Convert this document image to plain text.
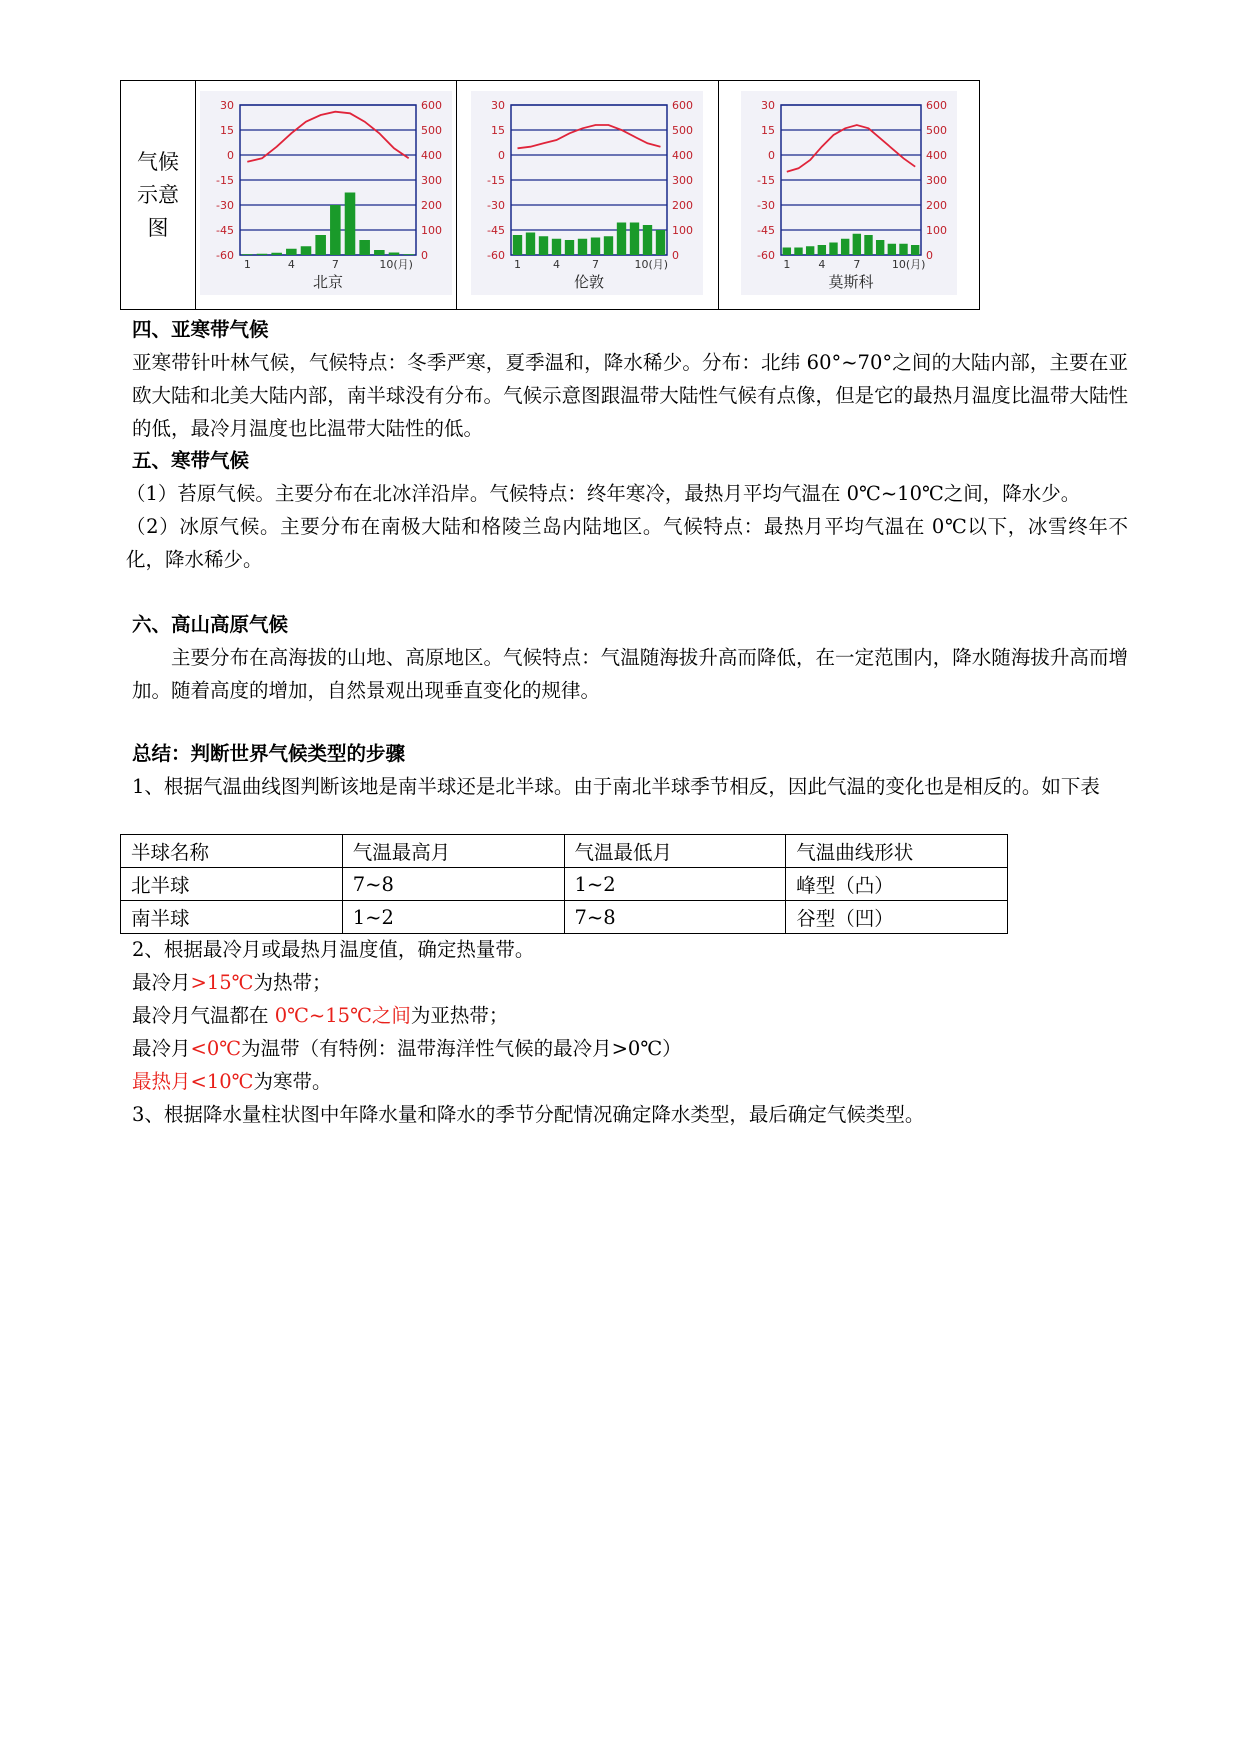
气候
示意
图

30
15
0
-15
-30
-45
-60
600
500
400
300
200
100
0
1	4	7	10(月)
北京

30
15
0
-15
-30
-45
-60
600
500
400
300
200
100
0
1	4	7	10(月)
伦敦

30
15
0
-15
-30
-45
-60
600
500
400
300
200
100
0
1	4	7	10(月)
莫斯科
四、亚寒带气候
亚寒带针叶林气候，气候特点：冬季严寒，夏季温和，降水稀少。分布：北纬 60°~70°之间的大陆内部，主要在亚欧大陆和北美大陆内部，南半球没有分布。气候示意图跟温带大陆性气候有点像，但是它的最热月温度比温带大陆性的低，最冷月温度也比温带大陆性的低。
五、寒带气候
（1）苔原气候。主要分布在北冰洋沿岸。气候特点：终年寒冷，最热月平均气温在 0℃~10℃之间，降水少。
（2）冰原气候。主要分布在南极大陆和格陵兰岛内陆地区。气候特点：最热月平均气温在 0℃以下，冰雪终年不化，降水稀少。
六、高山高原气候
主要分布在高海拔的山地、高原地区。气候特点：气温随海拔升高而降低，在一定范围内，降水随海拔升高而增加。随着高度的增加，自然景观出现垂直变化的规律。
总结：判断世界气候类型的步骤
1、根据气温曲线图判断该地是南半球还是北半球。由于南北半球季节相反，因此气温的变化也是相反的。如下表
半球名称	气温最高月	气温最低月	气温曲线形状
北半球	7~8	1~2	峰型（凸）
南半球	1~2	7~8	谷型（凹）
2、根据最冷月或最热月温度值，确定热量带。
最冷月>15℃为热带；
最冷月气温都在 0℃~15℃之间为亚热带；
最冷月<0℃为温带（有特例：温带海洋性气候的最冷月>0℃）
最热月<10℃为寒带。
3、根据降水量柱状图中年降水量和降水的季节分配情况确定降水类型，最后确定气候类型。
